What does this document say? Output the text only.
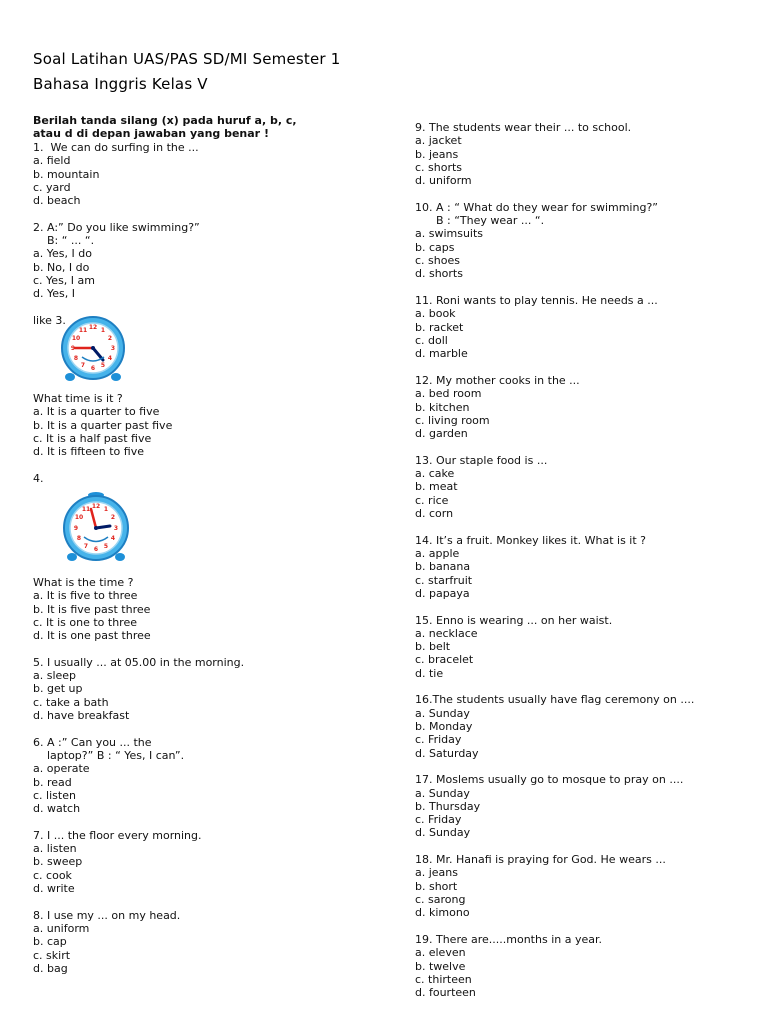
Soal Latihan UAS/PAS SD/MI Semester 1
Bahasa Inggris Kelas V
Berilah tanda silang (x) pada huruf a, b, c,
atau d di depan jawaban yang benar !
1.  We can do surfing in the ...
a. field
b. mountain
c. yard
d. beach
2. A:” Do you like swimming?”
B: “ ... “.
a. Yes, I do
b. No, I do
c. Yes, I am
d. Yes, I
like 3.
What time is it ?
a. It is a quarter to five
b. It is a quarter past five
c. It is a half past five
d. It is fifteen to five
4.
What is the time ?
a. It is five to three
b. It is five past three
c. It is one to three
d. It is one past three
5. I usually ... at 05.00 in the morning.
a. sleep
b. get up
c. take a bath
d. have breakfast
6. A :” Can you ... the
laptop?” B : “ Yes, I can”.
a. operate
b. read
c. listen
d. watch
7. I ... the floor every morning.
a. listen
b. sweep
c. cook
d. write
8. I use my ... on my head.
a. uniform
b. cap
c. skirt
d. bag
12 1
2
3
4
5
6
7
8
9
10
11
12 1
2
3
4
5
6
7
8
9
10
11
9. The students wear their ... to school.
a. jacket
b. jeans
c. shorts
d. uniform
10. A : “ What do they wear for swimming?”
B : “They wear ... “.
a. swimsuits
b. caps
c. shoes
d. shorts
11. Roni wants to play tennis. He needs a ...
a. book
b. racket
c. doll
d. marble
12. My mother cooks in the ...
a. bed room
b. kitchen
c. living room
d. garden
13. Our staple food is ...
a. cake
b. meat
c. rice
d. corn
14. It’s a fruit. Monkey likes it. What is it ?
a. apple
b. banana
c. starfruit
d. papaya
15. Enno is wearing ... on her waist.
a. necklace
b. belt
c. bracelet
d. tie
16.The students usually have flag ceremony on ....
a. Sunday
b. Monday
c. Friday
d. Saturday
17. Moslems usually go to mosque to pray on ....
a. Sunday
b. Thursday
c. Friday
d. Sunday
18. Mr. Hanafi is praying for God. He wears ...
a. jeans
b. short
c. sarong
d. kimono
19. There are.....months in a year.
a. eleven
b. twelve
c. thirteen
d. fourteen
